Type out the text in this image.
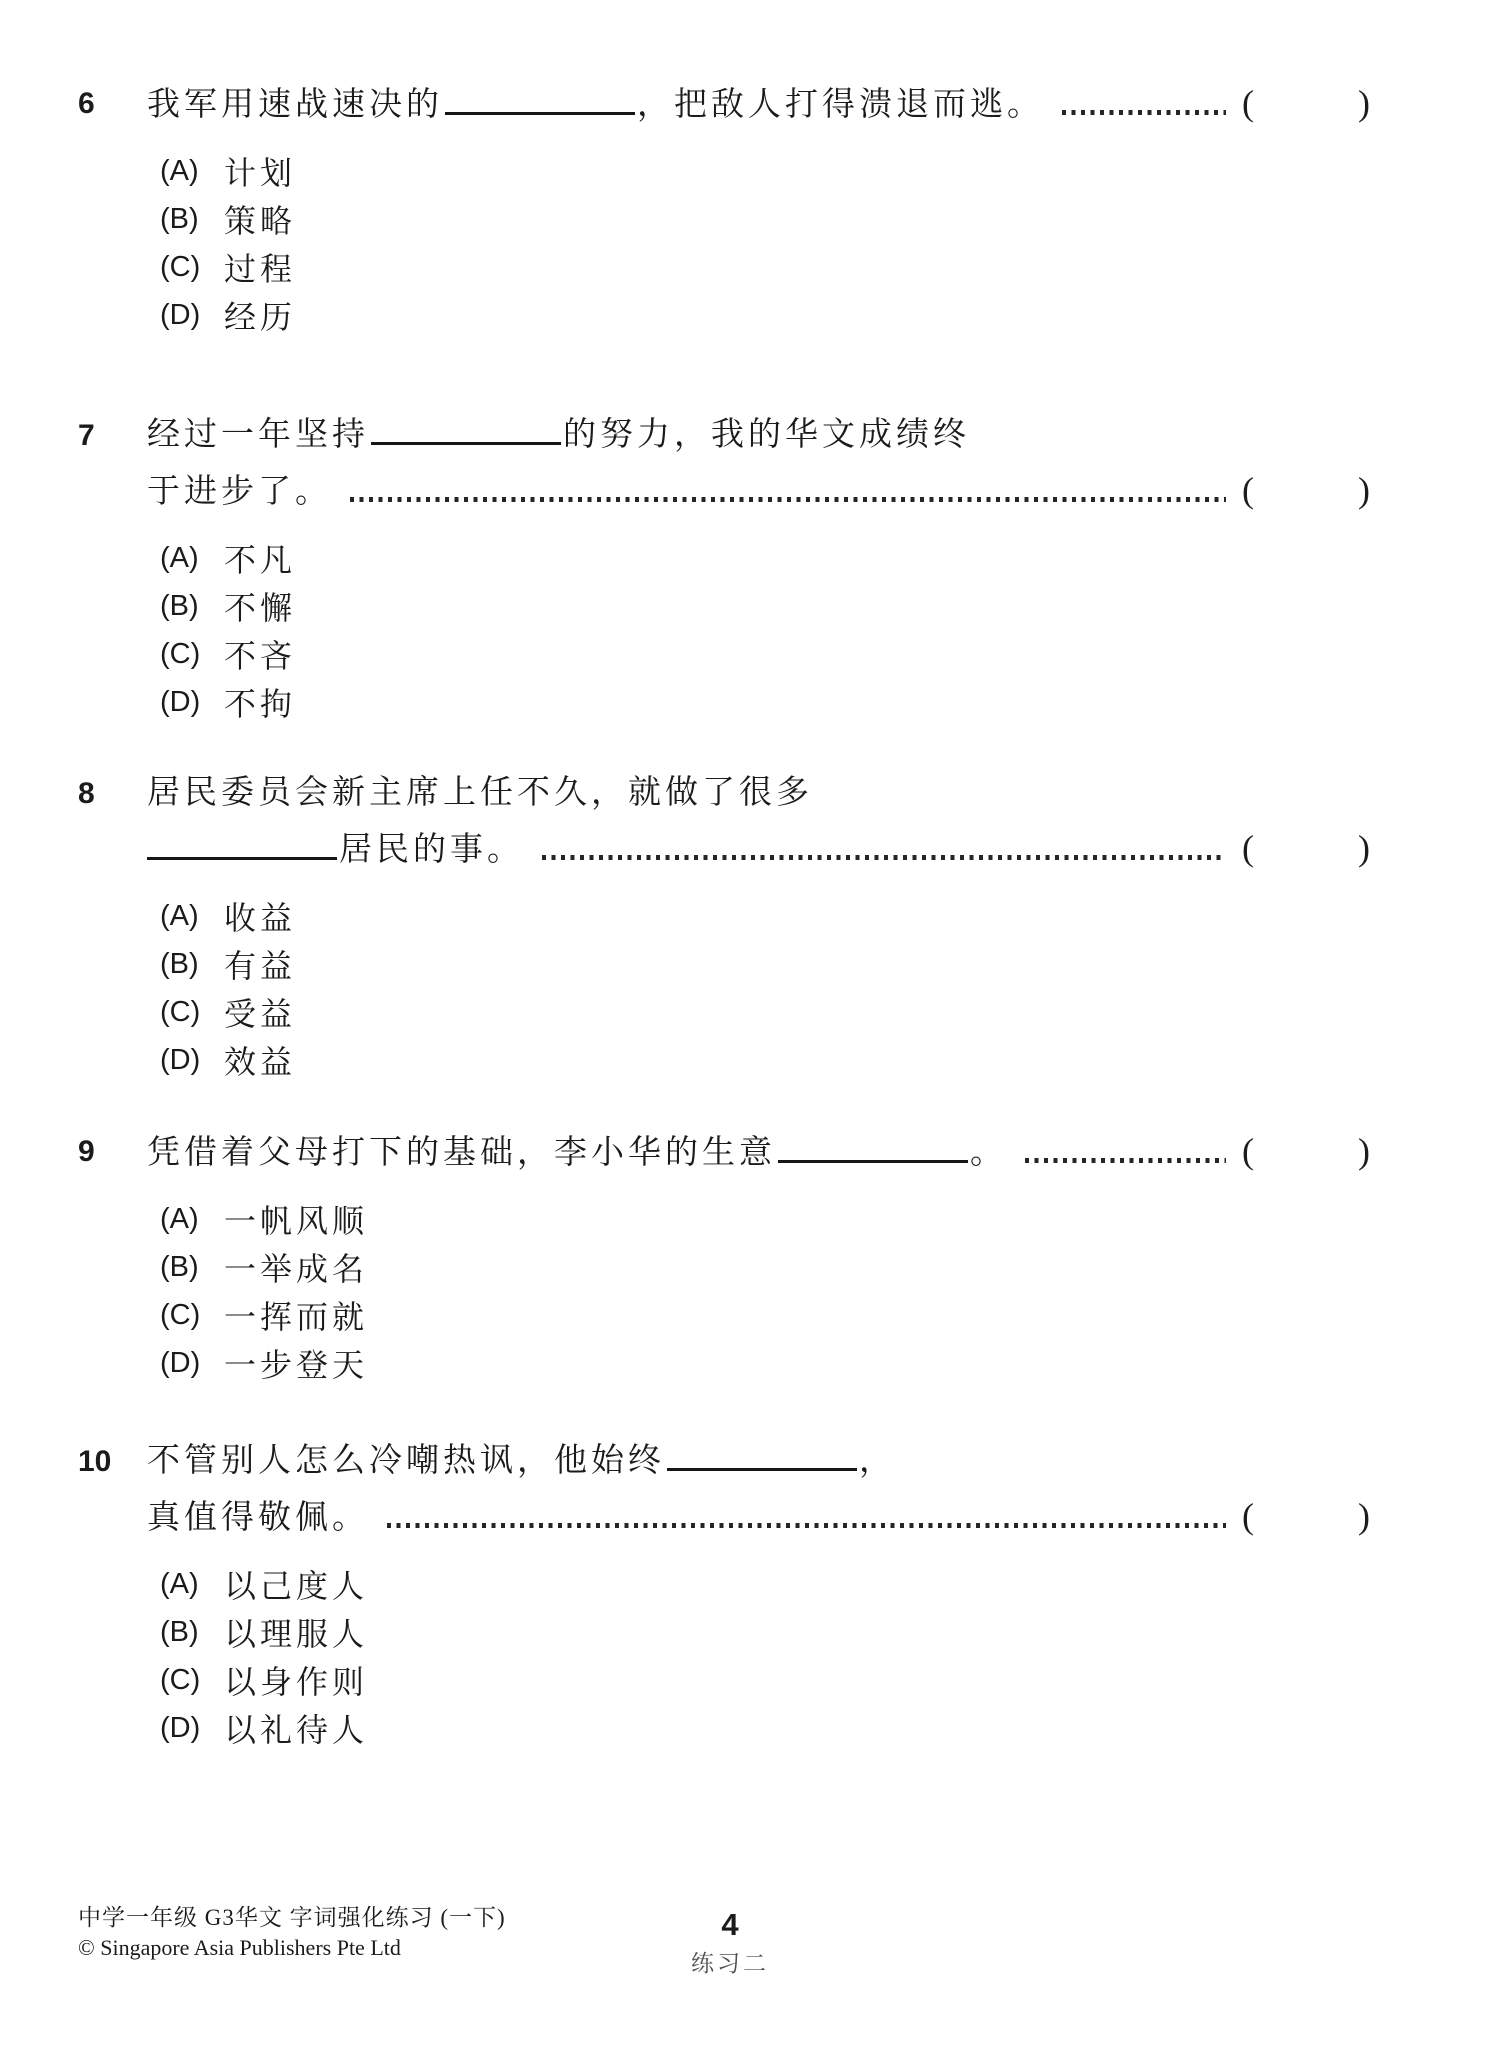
6	我军用速战速决的	，把敌人打得溃退而逃。	(	)
(A) 计划
(B) 策略
(C) 过程
(D) 经历
7	经过一年坚持	的努力，我的华文成绩终
于进步了。	(	)
(A) 不凡
(B) 不懈
(C) 不吝
(D) 不拘
8	居民委员会新主席上任不久，就做了很多
居民的事。	(	)
(A) 收益
(B) 有益
(C) 受益
(D) 效益
9	凭借着父母打下的基础，李小华的生意	。	(	)
(A) 一帆风顺
(B) 一举成名
(C) 一挥而就
(D) 一步登天
10	不管别人怎么冷嘲热讽，他始终	，
真值得敬佩。	(	)
(A) 以己度人
(B) 以理服人
(C) 以身作则
(D) 以礼待人
中学一年级 G3华文 字词强化练习 (一下)
© Singapore Asia Publishers Pte Ltd
4
练习二
